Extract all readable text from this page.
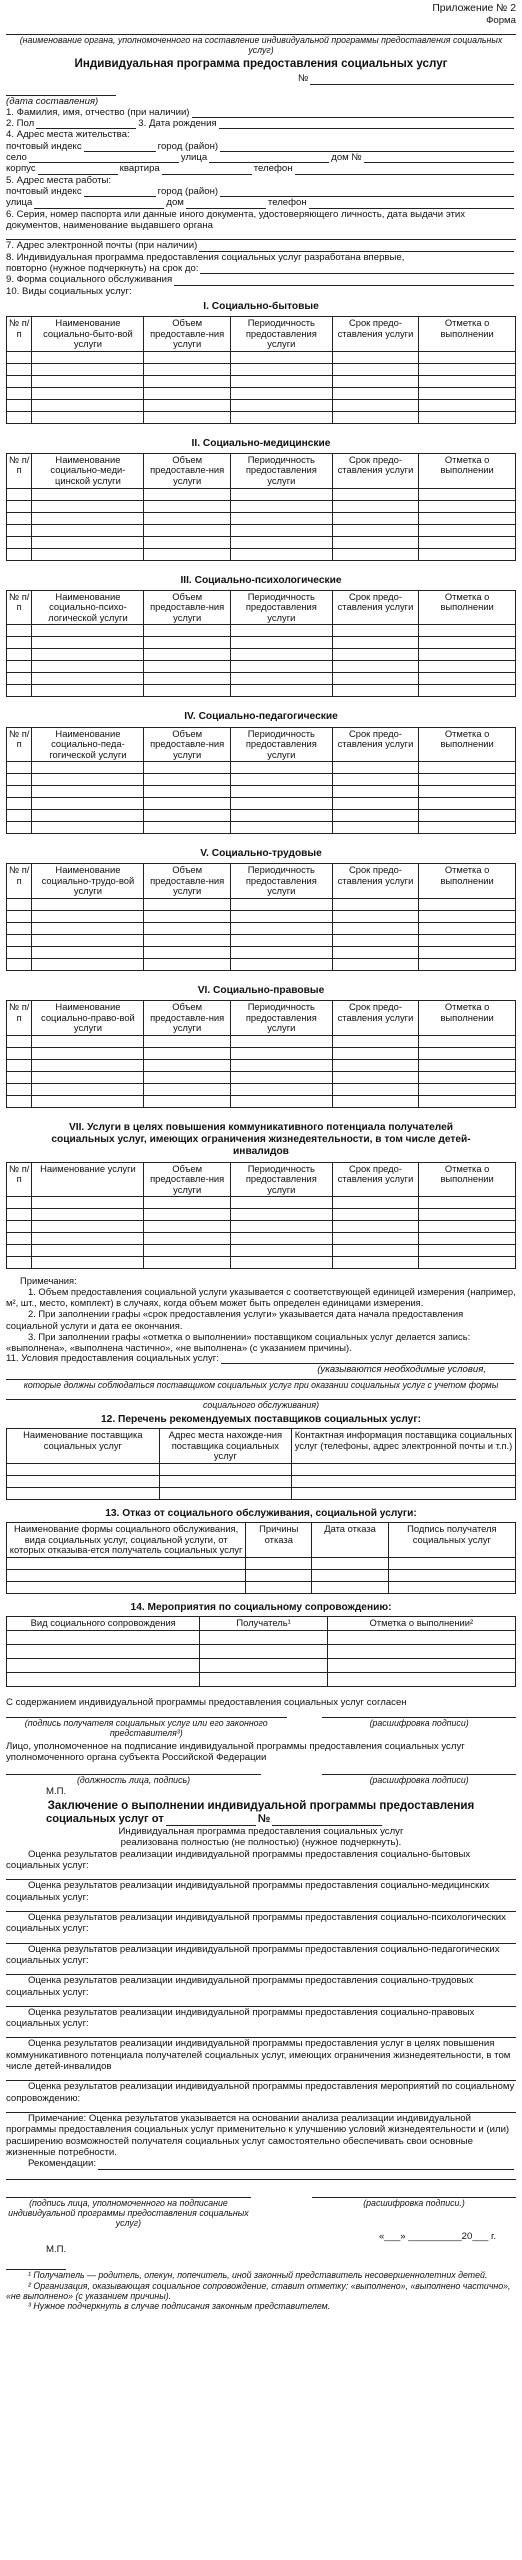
Приложение № 2
Форма
(наименование органа, уполномоченного на составление индивидуальной программы предоставления социальных услуг)
Индивидуальная программа предоставления социальных услуг
№
(дата составления)
1. Фамилия, имя, отчество (при наличии)
2. Пол	3. Дата рождения
4. Адрес места жительства:
почтовый индекс	город (район)
село	улица	дом №
корпус	квартира	телефон
5. Адрес места работы:
почтовый индекс	город (район)
улица	дом	телефон
6. Серия, номер паспорта или данные иного документа, удостоверяющего личность, дата выдачи этих документов, наименование выдавшего органа
7. Адрес электронной почты (при наличии)
8. Индивидуальная программа предоставления социальных услуг разработана впервые,
повторно (нужное подчеркнуть) на срок до:
9. Форма социального обслуживания
10. Виды социальных услуг:
I. Социально-бытовые
№ п/п	Наименование социально-быто-вой услуги	Объем предоставле-ния услуги	Периодичность предоставления услуги	Срок предо-ставления услуги	Отметка о выполнении

II. Социально-медицинские
№ п/п	Наименование социально-меди-цинской услуги	Объем предоставле-ния услуги	Периодичность предоставления услуги	Срок предо-ставления услуги	Отметка о выполнении

III. Социально-психологические
№ п/п	Наименование социально-психо-логической услуги	Объем предоставле-ния услуги	Периодичность предоставления услуги	Срок предо-ставления услуги	Отметка о выполнении

IV. Социально-педагогические
№ п/п	Наименование социально-педа-гогической услуги	Объем предоставле-ния услуги	Периодичность предоставления услуги	Срок предо-ставления услуги	Отметка о выполнении

V. Социально-трудовые
№ п/п	Наименование социально-трудо-вой услуги	Объем предоставле-ния услуги	Периодичность предоставления услуги	Срок предо-ставления услуги	Отметка о выполнении

VI. Социально-правовые
№ п/п	Наименование социально-право-вой услуги	Объем предоставле-ния услуги	Периодичность предоставления услуги	Срок предо-ставления услуги	Отметка о выполнении

VII. Услуги в целях повышения коммуникативного потенциала получателей социальных услуг, имеющих ограничения жизнедеятельности, в том числе детей-инвалидов
№ п/п	Наименование услуги	Объем предоставле-ния услуги	Периодичность предоставления услуги	Срок предо-ставления услуги	Отметка о выполнении

Примечания:

1. Объем предоставления социальной услуги указывается с соответствующей единицей измерения (например, м², шт., место, комплект) в случаях, когда объем может быть определен единицами измерения.

2. При заполнении графы «срок предоставления услуги» указывается дата начала предоставления социальной услуги и дата ее окончания.

3. При заполнении графы «отметка о выполнении» поставщиком социальных услуг делается запись: «выполнена», «выполнена частично», «не выполнена» (с указанием причины).

11. Условия предоставления социальных услуг:
(указываются необходимые условия,
которые должны соблюдаться поставщиком социальных услуг при оказании социальных услуг с учетом формы
социального обслуживания)
12. Перечень рекомендуемых поставщиков социальных услуг:
Наименование поставщика социальных услуг	Адрес места нахожде-ния поставщика социальных услуг	Контактная информация поставщика социальных услуг (телефоны, адрес электронной почты и т.п.)

13. Отказ от социального обслуживания, социальной услуги:
Наименование формы социального обслуживания, вида социальных услуг, социальной услуги, от которых отказыва-ется получатель социальных услуг	Причины отказа	Дата отказа	Подпись получателя социальных услуг

14. Мероприятия по социальному сопровождению:
Вид социального сопровождения	Получатель¹	Отметка о выполнении²

С содержанием индивидуальной программы предоставления социальных услуг согласен

(подпись получателя социальных услуг или его законного представителя³)
(расшифровка подписи)

Лицо, уполномоченное на подписание индивидуальной программы предоставления социальных услуг уполномоченного органа субъекта Российской Федерации

(должность лица, подпись)	(расшифровка подписи)
М.П.
Заключение о выполнении индивидуальной программы предоставления
социальных услуг от	№
Индивидуальная программа предоставления социальных услуг
реализована полностью (не полностью) (нужное подчеркнуть).

Оценка результатов реализации индивидуальной программы предоставления социально-бытовых социальных услуг:

Оценка результатов реализации индивидуальной программы предоставления социально-медицинских социальных услуг:

Оценка результатов реализации индивидуальной программы предоставления социально-психологических социальных услуг:

Оценка результатов реализации индивидуальной программы предоставления социально-педагогических социальных услуг:

Оценка результатов реализации индивидуальной программы предоставления социально-трудовых социальных услуг:

Оценка результатов реализации индивидуальной программы предоставления социально-правовых социальных услуг:

Оценка результатов реализации индивидуальной программы предоставления услуг в целях повышения коммуникативного потенциала получателей социальных услуг, имеющих ограничения жизнедеятельности, в том числе детей-инвалидов

Оценка результатов реализации индивидуальной программы предоставления мероприятий по социальному сопровождению:

Примечание: Оценка результатов указывается на основании анализа реализации индивидуальной программы предоставления социальных услуг применительно к улучшению условий жизнедеятельности и (или) расширению возможностей получателя социальных услуг самостоятельно обеспечивать свои основные жизненные потребности.

Рекомендации:
(подпись лица, уполномоченного на подписание индивидуальной программы предоставления социальных услуг)
(расшифровка подписи.)
«___» __________20___ г.
М.П.

¹ Получатель — родитель, опекун, попечитель, иной законный представитель несовершеннолетних детей.

² Организация, оказывающая социальное сопровождение, ставит отметку: «выполнено», «выполнено частично», «не выполнено» (с указанием причины).

³ Нужное подчеркнуть в случае подписания законным представителем.
